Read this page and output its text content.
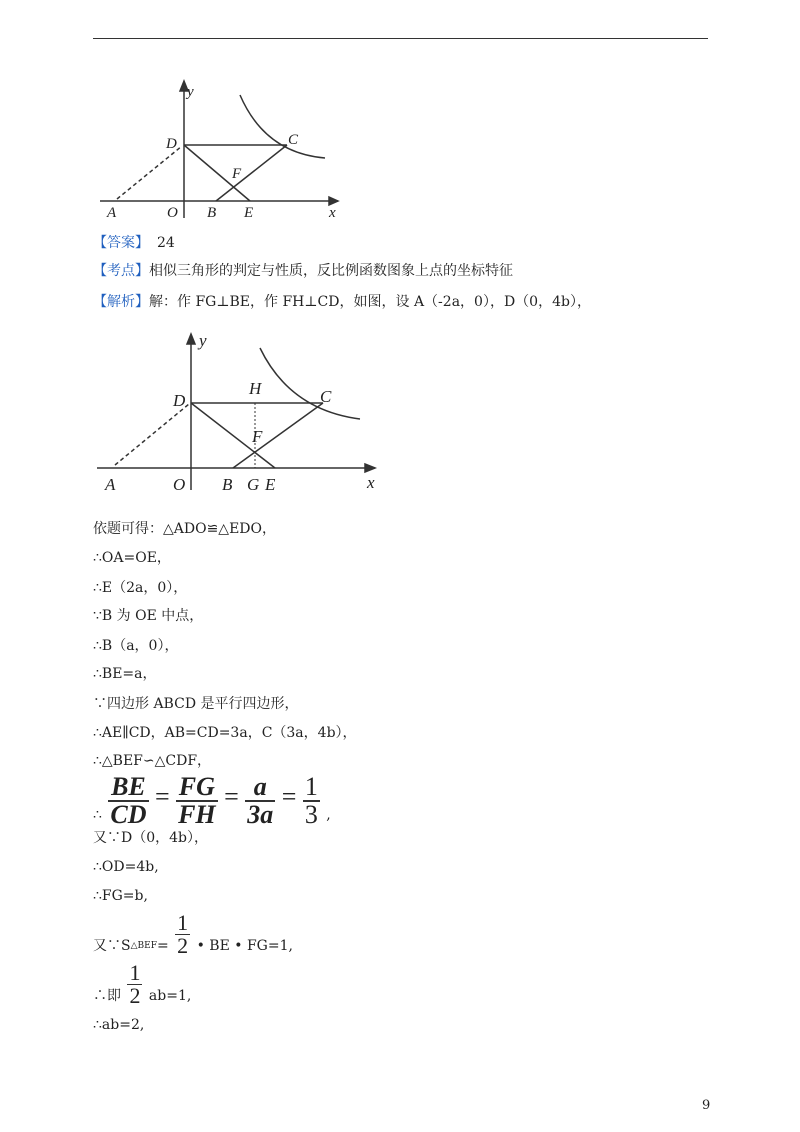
y
x
D	C
F
A	O B E
【答案】 24
【考点】相似三角形的判定与性质，反比例函数图象上点的坐标特征
【解析】解：作 FG⊥BE，作 FH⊥CD，如图，设 A（-2a，0），D（0，4b），
y
x
D	C
H
F
A	O B G E
依题可得：△ADO≌△EDO，
∴OA=OE，
∴E（2a，0），
∵B 为 OE 中点，
∴B（a，0），
∴BE=a，
∵四边形 ABCD 是平行四边形，
∴AE∥CD，AB=CD=3a，C（3a，4b），
∴△BEF∽△CDF，
∴ $\frac{BE}{CD} = \frac{FG}{FH} = \frac{a}{3a} = \frac{1}{3}$ ,
又∵D（0，4b），
∴OD=4b,
∴FG=b,
又∵S△BEF= $\frac{1}{2}$ • BE • FG=1,
∴即 $\frac{1}{2} ab=1$,
∴ab=2,
9
